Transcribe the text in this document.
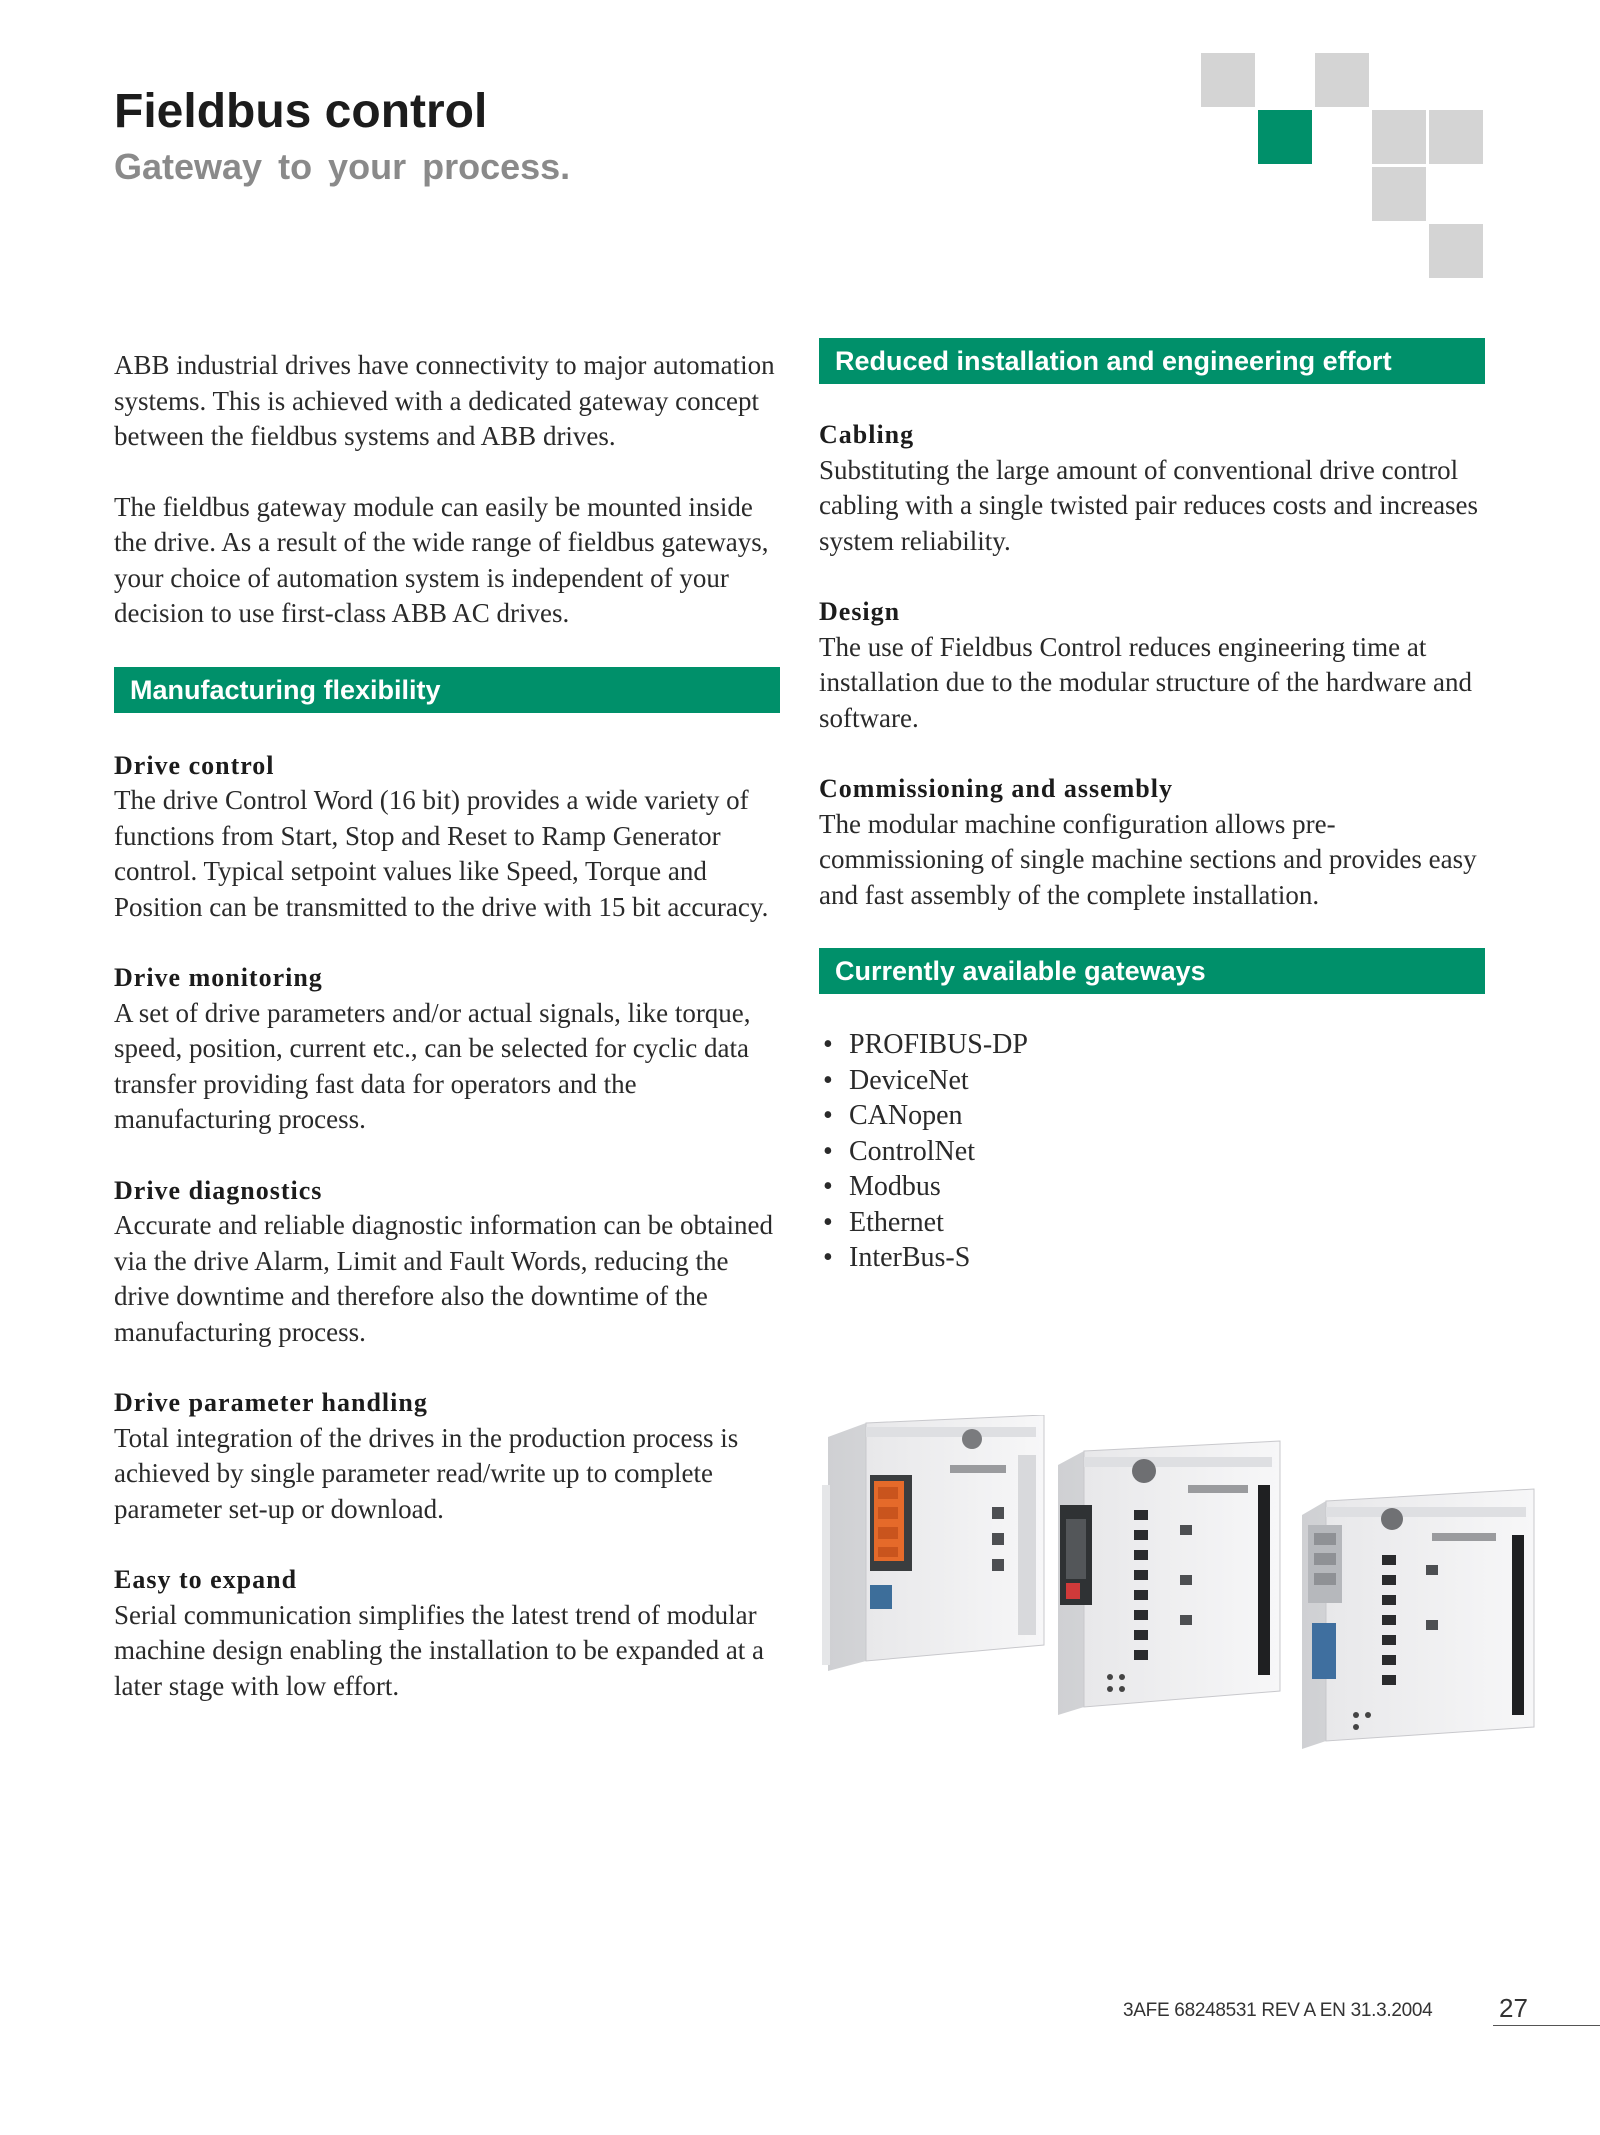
Fieldbus control
Gateway to your process.

ABB industrial drives have connectivity to major automation systems. This is achieved with a dedicated gateway concept between the fieldbus systems and ABB drives.

The fieldbus gateway module can easily be mounted inside the drive. As a result of the wide range of fieldbus gateways, your choice of automation system is independent of your decision to use first-class ABB AC drives.

Manufacturing flexibility

Drive control

The drive Control Word (16 bit) provides a wide variety of functions from Start, Stop and Reset to Ramp Generator control. Typical setpoint values like Speed, Torque and Position can be transmitted to the drive with 15 bit accuracy.

Drive monitoring

A set of drive parameters and/or actual signals, like torque, speed, position, current etc., can be selected for cyclic data transfer providing fast data for operators and the manufacturing process.

Drive diagnostics

Accurate and reliable diagnostic information can be obtained via the drive Alarm, Limit and Fault Words, reducing the drive downtime and therefore also the downtime of the manufacturing process.

Drive parameter handling

Total integration of the drives in the production process is achieved by single parameter read/write up to complete parameter set-up or download.

Easy to expand

Serial communication simplifies the latest trend of modular machine design enabling the installation to be expanded at a later stage with low effort.

Reduced installation and engineering effort

Cabling

Substituting the large amount of conventional drive control cabling with a single twisted pair reduces costs and increases system reliability.

Design

The use of Fieldbus Control reduces engineering time at installation due to the modular structure of the hardware and software.

Commissioning and assembly

The modular machine configuration allows pre-commissioning of single machine sections and provides easy and fast assembly of the complete installation.

Currently available gateways
• PROFIBUS-DP
• DeviceNet
• CANopen
• ControlNet
• Modbus
• Ethernet
• InterBus-S
3AFE 68248531 REV A EN 31.3.2004	27
